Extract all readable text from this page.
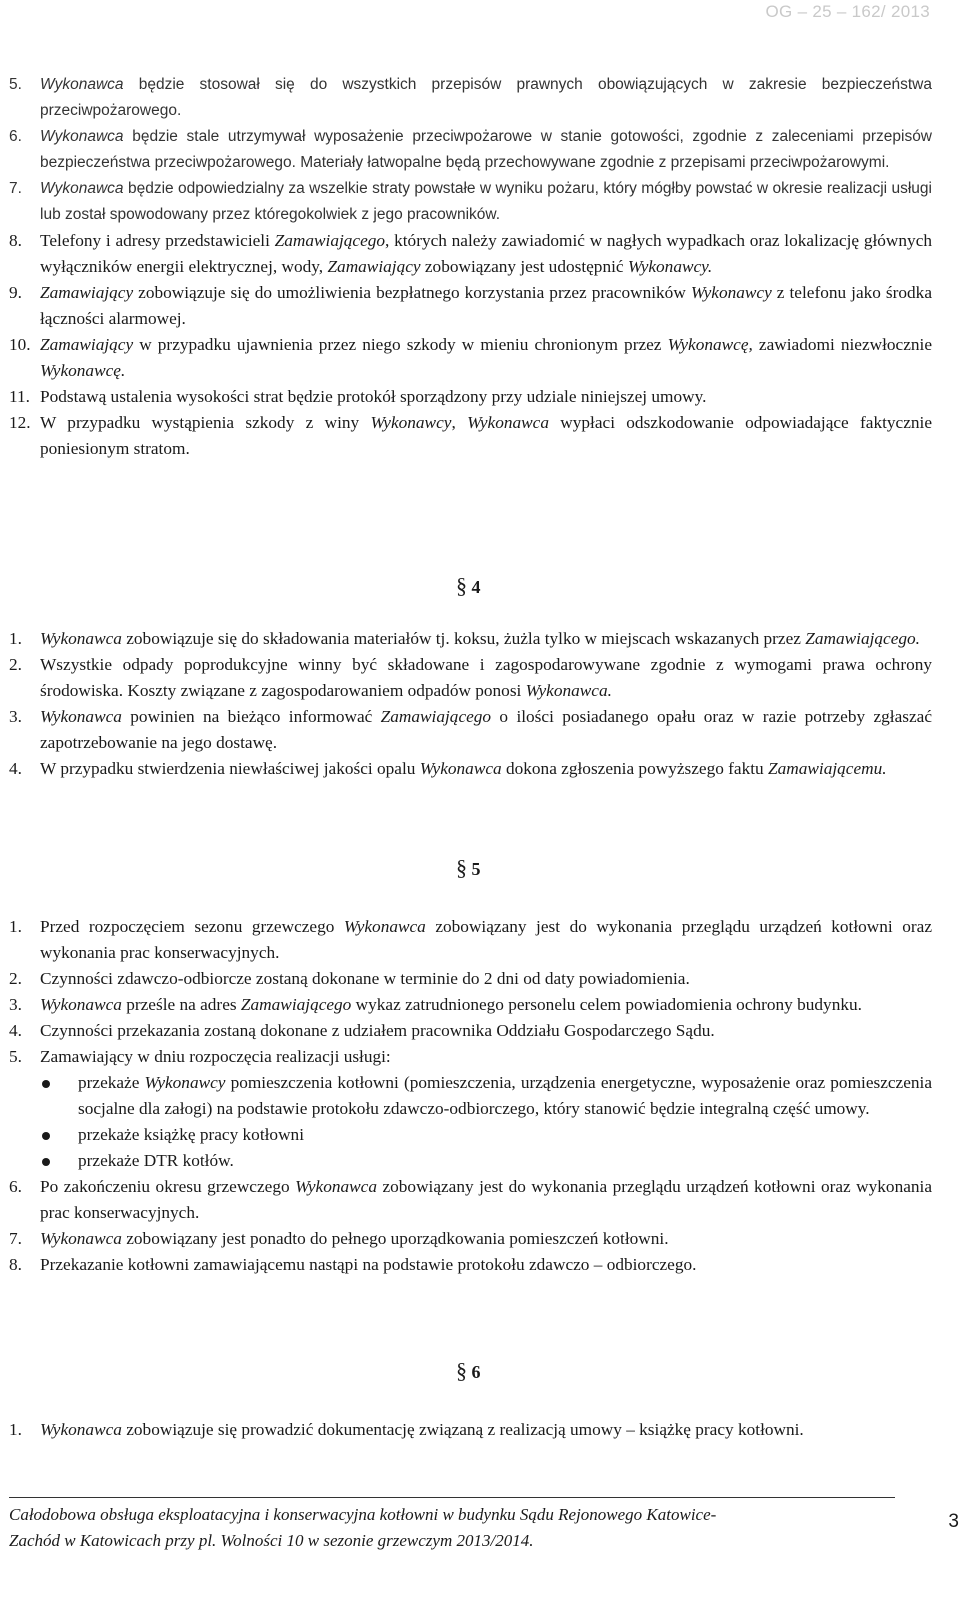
OG – 25 – 162/ 2013
5.	Wykonawca będzie stosował się do wszystkich przepisów prawnych obowiązujących w zakresie bezpieczeństwa przeciwpożarowego.
6.	Wykonawca będzie stale utrzymywał wyposażenie przeciwpożarowe w stanie gotowości, zgodnie z zaleceniami przepisów bezpieczeństwa przeciwpożarowego. Materiały łatwopalne będą przechowywane zgodnie z przepisami przeciwpożarowymi.
7.	Wykonawca będzie odpowiedzialny za wszelkie straty powstałe w wyniku pożaru, który mógłby powstać w okresie realizacji usługi lub został spowodowany przez któregokolwiek z jego pracowników.
8.	Telefony i adresy przedstawicieli Zamawiającego, których należy zawiadomić w nagłych wypadkach oraz lokalizację głównych wyłączników energii elektrycznej, wody, Zamawiający zobowiązany jest udostępnić Wykonawcy.
9.	Zamawiający zobowiązuje się do umożliwienia bezpłatnego korzystania przez pracowników Wykonawcy z telefonu jako środka łączności alarmowej.
10. Zamawiający w przypadku ujawnienia przez niego szkody w mieniu chronionym przez Wykonawcę, zawiadomi niezwłocznie Wykonawcę.
11. Podstawą ustalenia wysokości strat będzie protokół sporządzony przy udziale niniejszej umowy.
12. W przypadku wystąpienia szkody z winy Wykonawcy, Wykonawca wypłaci odszkodowanie odpowiadające faktycznie poniesionym stratom.
§ 4
1.	Wykonawca zobowiązuje się do składowania materiałów tj. koksu, żużla tylko w miejscach wskazanych przez Zamawiającego.
2.	Wszystkie odpady poprodukcyjne winny być składowane i zagospodarowywane zgodnie z wymogami prawa ochrony środowiska. Koszty związane z zagospodarowaniem odpadów ponosi Wykonawca.
3.	Wykonawca powinien na bieżąco informować Zamawiającego o ilości posiadanego opału oraz w razie potrzeby zgłaszać zapotrzebowanie na jego dostawę.
4.	W przypadku stwierdzenia niewłaściwej jakości opalu Wykonawca dokona zgłoszenia powyższego faktu Zamawiającemu.
§ 5
1.	Przed rozpoczęciem sezonu grzewczego Wykonawca zobowiązany jest do wykonania przeglądu urządzeń kotłowni oraz wykonania prac konserwacyjnych.
2.	Czynności zdawczo-odbiorcze zostaną dokonane w terminie do 2 dni od daty powiadomienia.
3.	Wykonawca prześle na adres Zamawiającego wykaz zatrudnionego personelu celem powiadomienia ochrony budynku.
4.	Czynności przekazania zostaną dokonane z udziałem pracownika Oddziału Gospodarczego Sądu.
5.	Zamawiający w dniu rozpoczęcia realizacji usługi:
przekaże Wykonawcy pomieszczenia kotłowni (pomieszczenia, urządzenia energetyczne, wyposażenie oraz pomieszczenia socjalne dla załogi) na podstawie protokołu zdawczo-odbiorczego, który stanowić będzie integralną część umowy.
przekaże książkę pracy kotłowni
przekaże DTR kotłów.
6.	Po zakończeniu okresu grzewczego Wykonawca zobowiązany jest do wykonania przeglądu urządzeń kotłowni oraz wykonania prac konserwacyjnych.
7.	Wykonawca zobowiązany jest ponadto do pełnego uporządkowania pomieszczeń kotłowni.
8.	Przekazanie kotłowni zamawiającemu nastąpi na podstawie protokołu zdawczo – odbiorczego.
§ 6
1.	Wykonawca zobowiązuje się prowadzić dokumentację związaną z realizacją umowy – książkę pracy kotłowni.
Całodobowa obsługa eksploatacyjna i konserwacyjna kotłowni w budynku Sądu Rejonowego Katowice-
Zachód w Katowicach przy pl. Wolności 10 w sezonie grzewczym 2013/2014.
3
